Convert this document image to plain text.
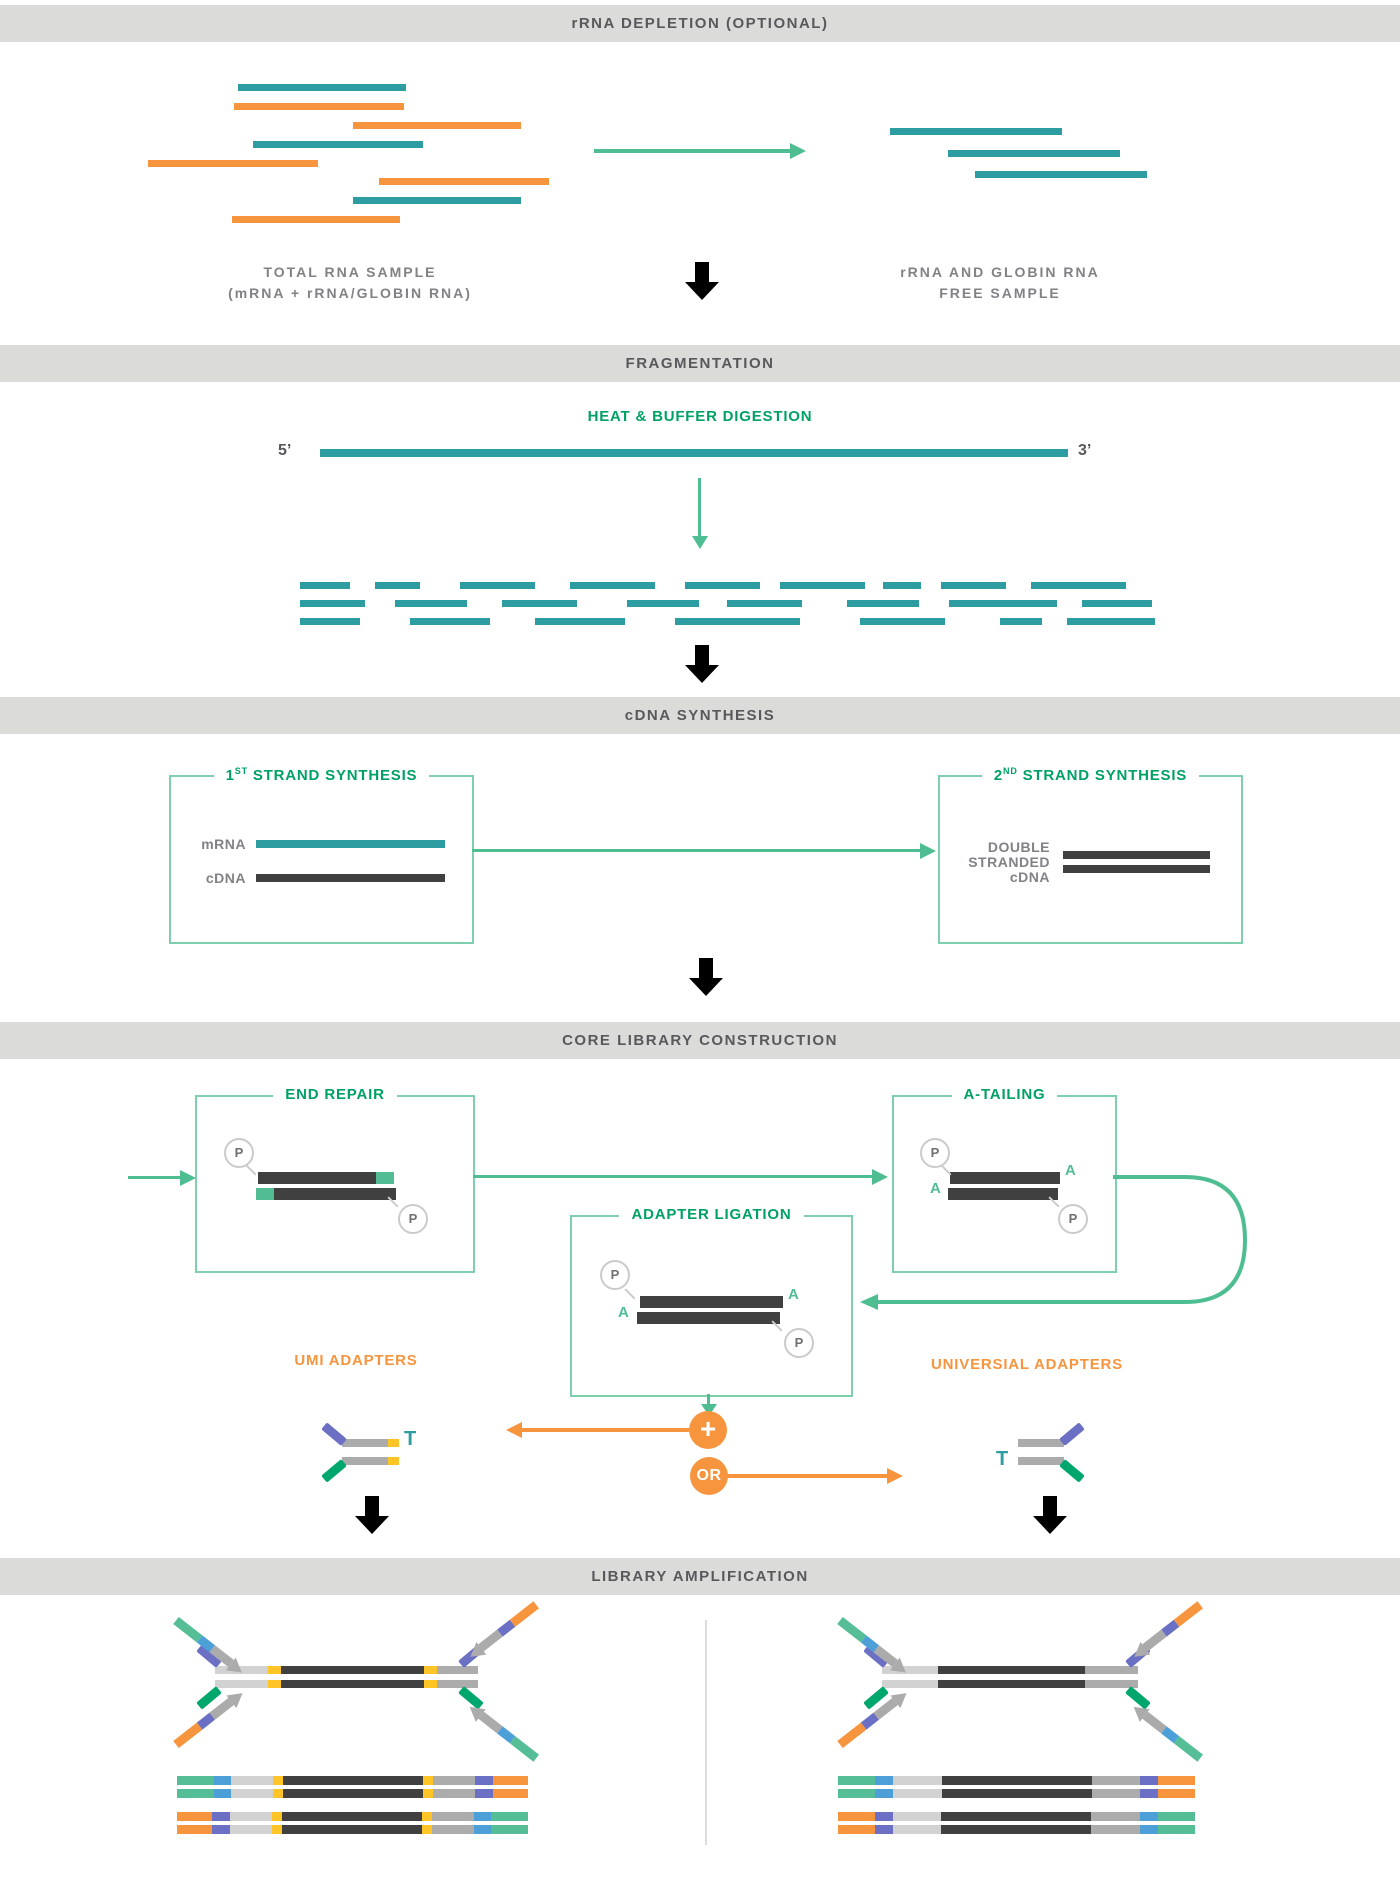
rRNA DEPLETION (OPTIONAL)
FRAGMENTATION
cDNA SYNTHESIS
CORE LIBRARY CONSTRUCTION
LIBRARY AMPLIFICATION
TOTAL RNA SAMPLE
(mRNA + rRNA/GLOBIN RNA)
rRNA AND GLOBIN RNA
FREE SAMPLE
HEAT & BUFFER DIGESTION
5’	3’
1ST STRAND SYNTHESIS
mRNA
cDNA
2ND STRAND SYNTHESIS
DOUBLE
STRANDED
cDNA
END REPAIR	A-TAILING
ADAPTER LIGATION
P
P
P
P
P
P
A
A
A
A
+
OR
UMI ADAPTERS	UNIVERSIAL ADAPTERS
T
T
